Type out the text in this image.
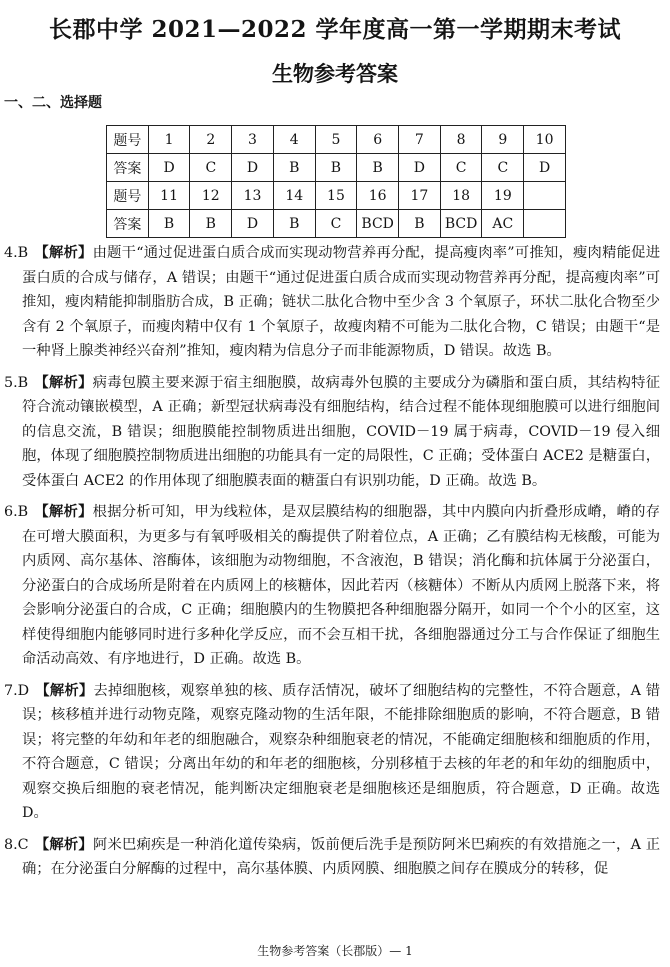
长郡中学 2021—2022 学年度高一第一学期期末考试
生物参考答案
一、二、选择题
题号	1	2	3	4	5	6	7	8	9	10
答案	D	C	D	B	B	B	D	C	C	D
题号	11	12	13	14	15	16	17	18	19	
答案	B	B	D	B	C	BCD	B	BCD	AC	

4.B 【解析】由题干“通过促进蛋白质合成而实现动物营养再分配，提高瘦肉率”可推知，瘦肉精能促进蛋白质的合成与储存，A 错误；由题干“通过促进蛋白质合成而实现动物营养再分配，提高瘦肉率”可推知，瘦肉精能抑制脂肪合成，B 正确；链状二肽化合物中至少含 3 个氧原子，环状二肽化合物至少含有 2 个氧原子，而瘦肉精中仅有 1 个氧原子，故瘦肉精不可能为二肽化合物，C 错误；由题干“是一种肾上腺类神经兴奋剂”推知，瘦肉精为信息分子而非能源物质，D 错误。故选 B。

5.B 【解析】病毒包膜主要来源于宿主细胞膜，故病毒外包膜的主要成分为磷脂和蛋白质，其结构特征符合流动镶嵌模型，A 正确；新型冠状病毒没有细胞结构，结合过程不能体现细胞膜可以进行细胞间的信息交流，B 错误；细胞膜能控制物质进出细胞，COVID－19 属于病毒，COVID－19 侵入细胞，体现了细胞膜控制物质进出细胞的功能具有一定的局限性，C 正确；受体蛋白 ACE2 是糖蛋白，受体蛋白 ACE2 的作用体现了细胞膜表面的糖蛋白有识别功能，D 正确。故选 B。

6.B 【解析】根据分析可知，甲为线粒体，是双层膜结构的细胞器，其中内膜向内折叠形成嵴，嵴的存在可增大膜面积，为更多与有氧呼吸相关的酶提供了附着位点，A 正确；乙有膜结构无核酸，可能为内质网、高尔基体、溶酶体，该细胞为动物细胞，不含液泡，B 错误；消化酶和抗体属于分泌蛋白，分泌蛋白的合成场所是附着在内质网上的核糖体，因此若丙（核糖体）不断从内质网上脱落下来，将会影响分泌蛋白的合成，C 正确；细胞膜内的生物膜把各种细胞器分隔开，如同一个个小的区室，这样使得细胞内能够同时进行多种化学反应，而不会互相干扰，各细胞器通过分工与合作保证了细胞生命活动高效、有序地进行，D 正确。故选 B。

7.D 【解析】去掉细胞核，观察单独的核、质存活情况，破坏了细胞结构的完整性，不符合题意，A 错误；核移植并进行动物克隆，观察克隆动物的生活年限，不能排除细胞质的影响，不符合题意，B 错误；将完整的年幼和年老的细胞融合，观察杂种细胞衰老的情况，不能确定细胞核和细胞质的作用，不符合题意，C 错误；分离出年幼的和年老的细胞核，分别移植于去核的年老的和年幼的细胞质中，观察交换后细胞的衰老情况，能判断决定细胞衰老是细胞核还是细胞质，符合题意，D 正确。故选 D。

8.C 【解析】阿米巴痢疾是一种消化道传染病，饭前便后洗手是预防阿米巴痢疾的有效措施之一，A 正确；在分泌蛋白分解酶的过程中，高尔基体膜、内质网膜、细胞膜之间存在膜成分的转移，促

生物参考答案（长郡版）— 1
